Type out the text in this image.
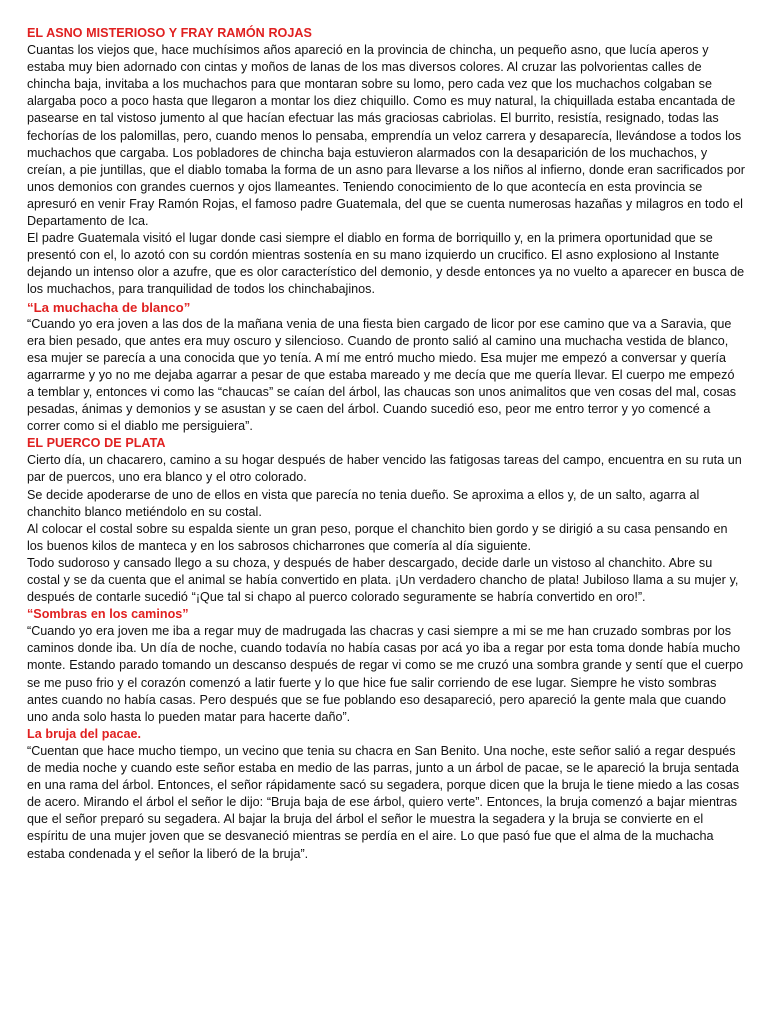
EL ASNO MISTERIOSO Y FRAY RAMÓN ROJAS

Cuantas los viejos que, hace muchísimos años apareció en la provincia de chincha, un pequeño asno, que lucía aperos y estaba muy bien adornado con cintas y moños de lanas de los mas diversos colores. Al cruzar las polvorientas calles de chincha baja, invitaba a los muchachos para que montaran sobre su lomo, pero cada vez que los muchachos colgaban se alargaba poco a poco hasta que llegaron a montar los diez chiquillo. Como es muy natural, la chiquillada estaba encantada de pasearse en tal vistoso jumento al que hacían efectuar las más graciosas cabriolas. El burrito, resistía, resignado, todas las fechorías de los palomillas, pero, cuando menos lo pensaba, emprendía un veloz carrera y desaparecía, llevándose a todos los muchachos que cargaba. Los pobladores de chincha baja estuvieron alarmados con la desaparición de los muchachos, y creían, a pie juntillas, que el diablo tomaba la forma de un asno para llevarse a los niños al infierno, donde eran sacrificados por unos demonios con grandes cuernos y ojos llameantes. Teniendo conocimiento de lo que acontecía en esta provincia se apresuró en venir Fray Ramón Rojas, el famoso padre Guatemala, del que se cuenta numerosas hazañas y milagros en todo el Departamento de Ica.

El padre Guatemala visitó el lugar donde casi siempre el diablo en forma de borriquillo y, en la primera oportunidad que se presentó con el, lo azotó con su cordón mientras sostenía en su mano izquierdo un crucifico. El asno explosiono al Instante dejando un intenso olor a azufre, que es olor característico del demonio, y desde entonces ya no vuelto a aparecer en busca de los muchachos, para tranquilidad de todos los chinchabajinos.

“La muchacha de blanco”

“Cuando yo era joven a las dos de la mañana venia de una fiesta bien cargado de licor por ese camino que va a Saravia, que era bien pesado, que antes era muy oscuro y silencioso. Cuando de pronto salió al camino una muchacha vestida de blanco, esa mujer se parecía a una conocida que yo tenía. A mí me entró mucho miedo. Esa mujer me empezó a conversar y quería agarrarme y yo no me dejaba agarrar a pesar de que estaba mareado y me decía que me quería llevar. El cuerpo me empezó a temblar y, entonces vi como las “chaucas” se caían del árbol, las chaucas son unos animalitos que ven cosas del mal, cosas pesadas, ánimas y demonios y se asustan y se caen del árbol. Cuando sucedió eso, peor me entro terror y yo comencé a correr como si el diablo me persiguiera”.

EL PUERCO DE PLATA

Cierto día, un chacarero, camino a su hogar después de haber vencido las fatigosas tareas del campo, encuentra en su ruta un par de puercos, uno era blanco y el otro colorado.

Se decide apoderarse de uno de ellos en vista que parecía no tenia dueño. Se aproxima a ellos y, de un salto, agarra al chanchito blanco metiéndolo en su costal.

Al colocar el costal sobre su espalda siente un gran peso, porque el chanchito bien gordo y se dirigió a su casa pensando en los buenos kilos de manteca y en los sabrosos chicharrones que comería al día siguiente.

Todo sudoroso y cansado llego a su choza, y después de haber descargado, decide darle un vistoso al chanchito. Abre su costal y se da cuenta que el animal se había convertido en plata. ¡Un verdadero chancho de plata! Jubiloso llama a su mujer y, después de contarle sucedió “¡Que tal si chapo al puerco colorado seguramente se habría convertido en oro!”.

“Sombras en los caminos”

“Cuando yo era joven me iba a regar muy de madrugada las chacras y casi siempre a mi se me han cruzado sombras por los caminos donde iba. Un día de noche, cuando todavía no había casas por acá yo iba a regar por esta toma donde había mucho monte. Estando parado tomando un descanso después de regar vi como se me cruzó una sombra grande y sentí que el cuerpo se me puso frio y el corazón comenzó a latir fuerte y lo que hice fue salir corriendo de ese lugar. Siempre he visto sombras antes cuando no había casas. Pero después que se fue poblando eso desapareció, pero apareció la gente mala que cuando uno anda solo hasta lo pueden matar para hacerte daño”.

La bruja del pacae.

“Cuentan que hace mucho tiempo, un vecino que tenia su chacra en San Benito. Una noche, este señor salió a regar después de media noche y cuando este señor estaba en medio de las parras, junto a un árbol de pacae, se le apareció la bruja sentada en una rama del árbol. Entonces, el señor rápidamente sacó su segadera, porque dicen que la bruja le tiene miedo a las cosas de acero. Mirando el árbol el señor le dijo: “Bruja baja de ese árbol, quiero verte”. Entonces, la bruja comenzó a bajar mientras que el señor preparó su segadera. Al bajar la bruja del árbol el señor le muestra la segadera y la bruja se convierte en el espíritu de una mujer joven que se desvaneció mientras se perdía en el aire. Lo que pasó fue que el alma de la muchacha estaba condenada y el señor la liberó de la bruja”.
